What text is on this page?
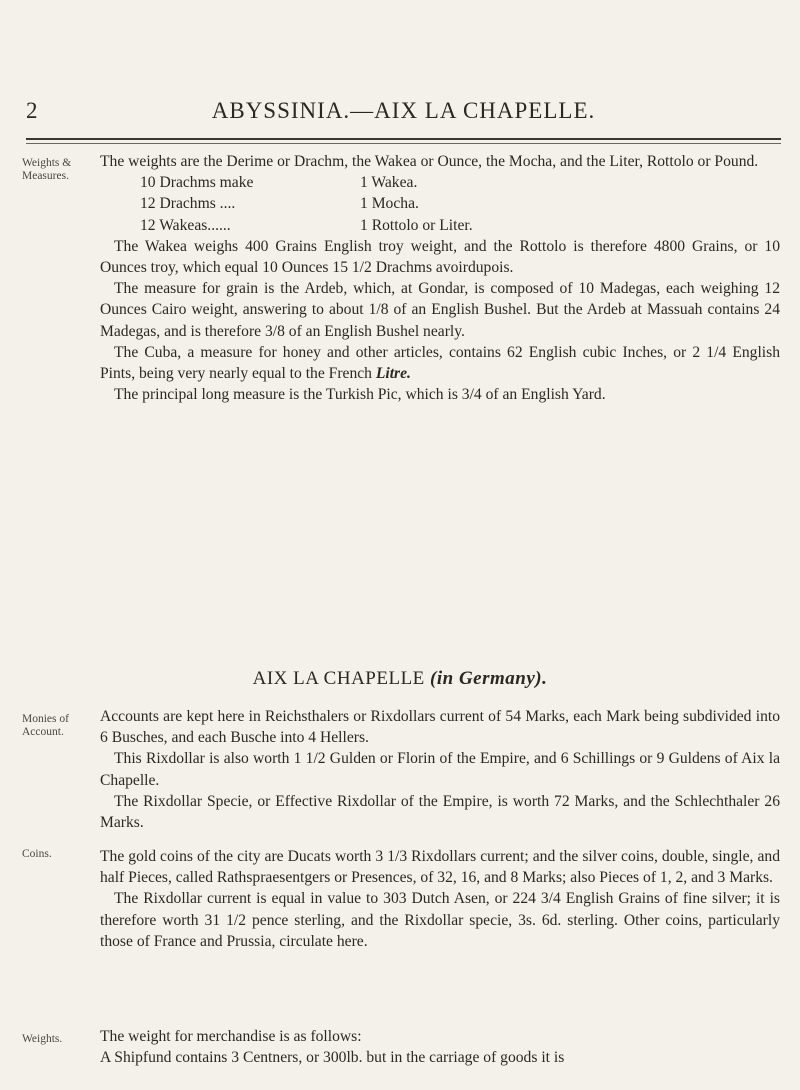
2	ABYSSINIA.—AIX LA CHAPELLE.
Weights & Measures.

The weights are the Derime or Drachm, the Wakea or Ounce, the Mocha, and the Liter, Rottolo or Pound.

10 Drachms make	1 Wakea.
12 Drachms ....	1 Mocha.
12 Wakeas......	1 Rottolo or Liter.

The Wakea weighs 400 Grains English troy weight, and the Rottolo is therefore 4800 Grains, or 10 Ounces troy, which equal 10 Ounces 15 1/2 Drachms avoirdupois.

The measure for grain is the Ardeb, which, at Gondar, is composed of 10 Madegas, each weighing 12 Ounces Cairo weight, answering to about 1/8 of an English Bushel. But the Ardeb at Massuah contains 24 Madegas, and is therefore 3/8 of an English Bushel nearly.

The Cuba, a measure for honey and other articles, contains 62 English cubic Inches, or 2 1/4 English Pints, being very nearly equal to the French Litre.

The principal long measure is the Turkish Pic, which is 3/4 of an English Yard.

AIX LA CHAPELLE (in Germany).
Monies of Account.

Accounts are kept here in Reichsthalers or Rixdollars current of 54 Marks, each Mark being subdivided into 6 Busches, and each Busche into 4 Hellers.

This Rixdollar is also worth 1 1/2 Gulden or Florin of the Empire, and 6 Schillings or 9 Guldens of Aix la Chapelle.

The Rixdollar Specie, or Effective Rixdollar of the Empire, is worth 72 Marks, and the Schlechthaler 26 Marks.

Coins.	The gold coins of the city are Ducats worth 3 1/3 Rixdollars current; and the silver coins, double, single, and half Pieces, called Rathspraesentgers or Presences, of 32, 16, and 8 Marks; also Pieces of 1, 2, and 3 Marks.

The Rixdollar current is equal in value to 303 Dutch Asen, or 224 3/4 English Grains of fine silver; it is therefore worth 31 1/2 pence sterling, and the Rixdollar specie, 3s. 6d. sterling. Other coins, particularly those of France and Prussia, circulate here.

Weights.	The weight for merchandise is as follows:

A Shipfund contains 3 Centners, or 300lb. but in the carriage of goods it is
